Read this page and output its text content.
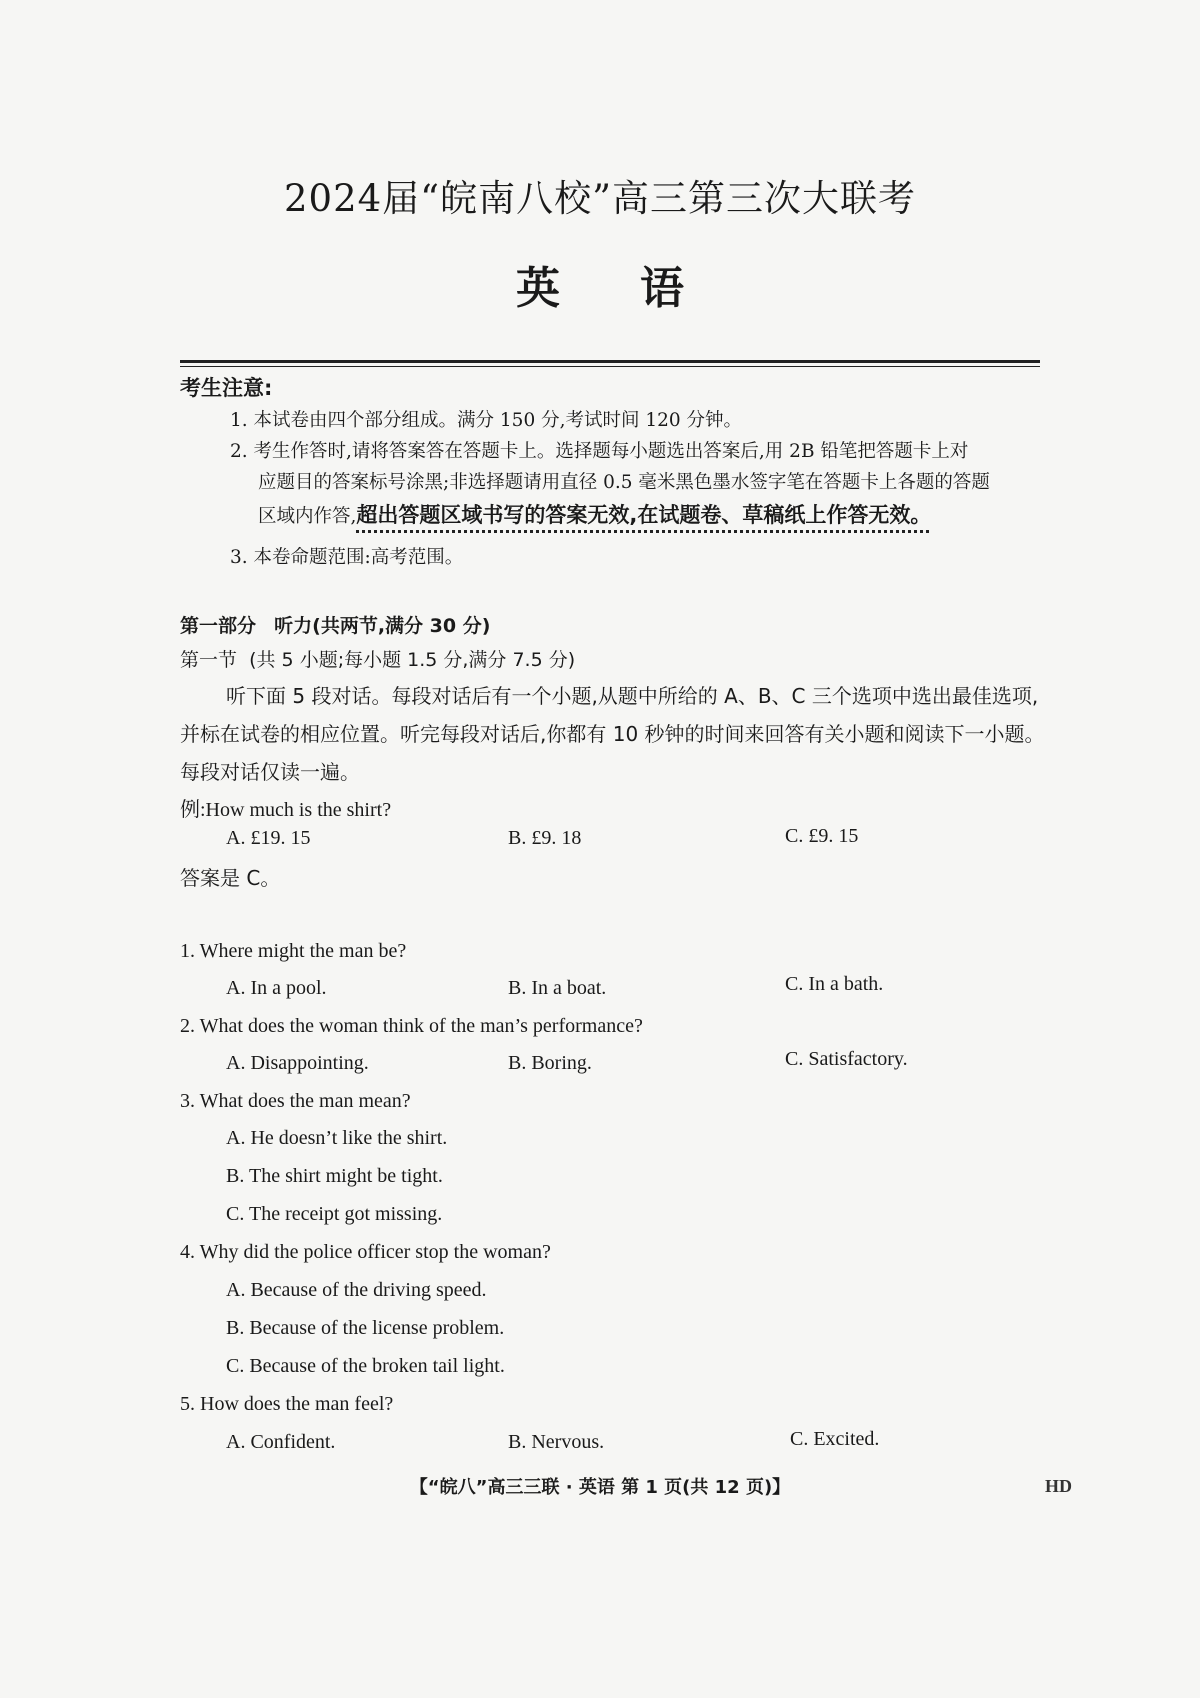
2024届“皖南八校”高三第三次大联考
英语
考生注意:
1. 本试卷由四个部分组成。满分 150 分,考试时间 120 分钟。
2. 考生作答时,请将答案答在答题卡上。选择题每小题选出答案后,用 2B 铅笔把答题卡上对
应题目的答案标号涂黑;非选择题请用直径 0.5 毫米黑色墨水签字笔在答题卡上各题的答题
区域内作答,超出答题区域书写的答案无效,在试题卷、草稿纸上作答无效。
3. 本卷命题范围:高考范围。
第一部分 听力(共两节,满分 30 分)
第一节 (共 5 小题;每小题 1.5 分,满分 7.5 分)
听下面 5 段对话。每段对话后有一个小题,从题中所给的 A、B、C 三个选项中选出最佳选项,并标在试卷的相应位置。听完每段对话后,你都有 10 秒钟的时间来回答有关小题和阅读下一小题。每段对话仅读一遍。
例:How much is the shirt?
A. £19. 15	B. £9. 18	C. £9. 15
答案是 C。
1. Where might the man be?
A. In a pool.	B. In a boat.	C. In a bath.
2. What does the woman think of the man’s performance?
A. Disappointing.	B. Boring.	C. Satisfactory.
3. What does the man mean?
A. He doesn’t like the shirt.
B. The shirt might be tight.
C. The receipt got missing.
4. Why did the police officer stop the woman?
A. Because of the driving speed.
B. Because of the license problem.
C. Because of the broken tail light.
5. How does the man feel?
A. Confident.	B. Nervous.	C. Excited.
【“皖八”高三三联 · 英语 第 1 页(共 12 页)】	HD
